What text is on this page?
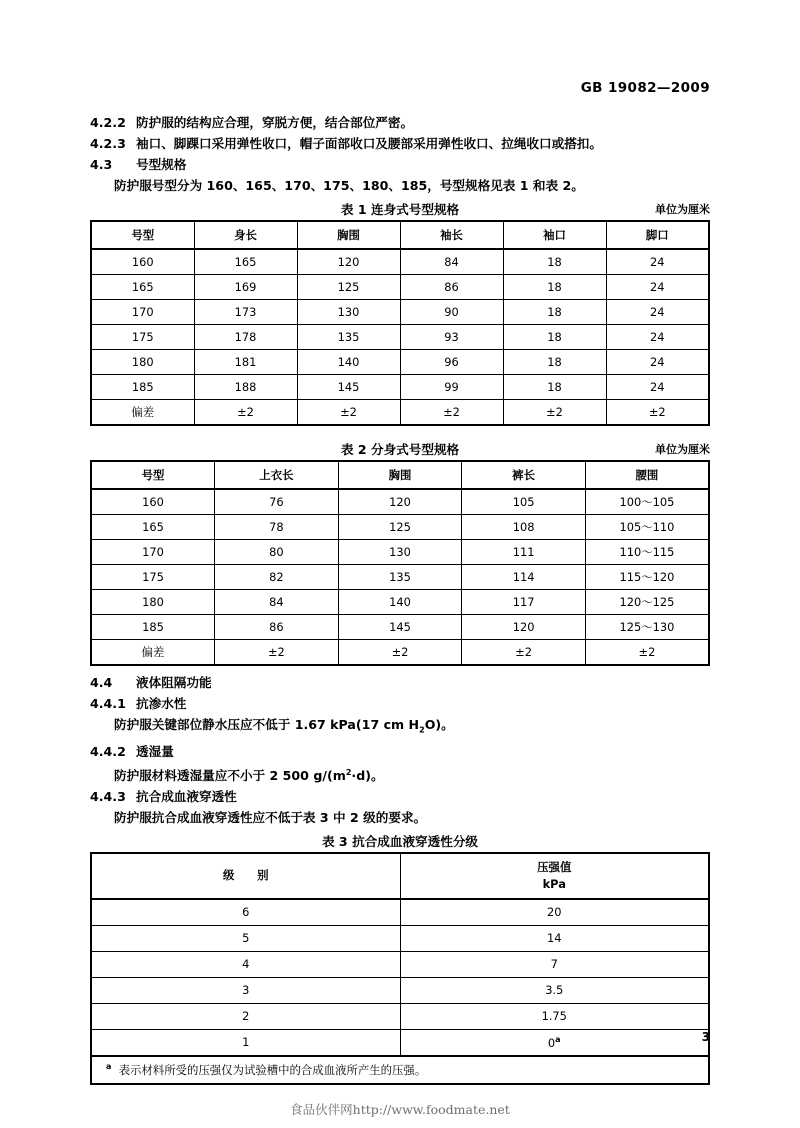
GB 19082—2009

4.2.2 防护服的结构应合理，穿脱方便，结合部位严密。

4.2.3 袖口、脚踝口采用弹性收口，帽子面部收口及腰部采用弹性收口、拉绳收口或搭扣。

4.3 号型规格

防护服号型分为 160、165、170、175、180、185，号型规格见表 1 和表 2。

表 1 连身式号型规格	单位为厘米
号型	身长	胸围	袖长	袖口	脚口
160	165	120	84	18	24
165	169	125	86	18	24
170	173	130	90	18	24
175	178	135	93	18	24
180	181	140	96	18	24
185	188	145	99	18	24
偏差	±2	±2	±2	±2	±2
表 2 分身式号型规格	单位为厘米
号型	上衣长	胸围	裤长	腰围
160	76	120	105	100～105
165	78	125	108	105～110
170	80	130	111	110～115
175	82	135	114	115～120
180	84	140	117	120～125
185	86	145	120	125～130
偏差	±2	±2	±2	±2

4.4 液体阻隔功能

4.4.1 抗渗水性

防护服关键部位静水压应不低于 1.67 kPa(17 cm $H_2O$)。

4.4.2 透湿量

防护服材料透湿量应不小于 2 500 $g/(m^2\cdot d)$。

4.4.3 抗合成血液穿透性

防护服抗合成血液穿透性应不低于表 3 中 2 级的要求。

表 3 抗合成血液穿透性分级
级　　别	压强值
kPa

6	20
5	14
4	7
3	3.5
2	1.75
1	0$^a$
$^a$ 表示材料所受的压强仅为试验槽中的合成血液所产生的压强。	
3
食品伙伴网http://www.foodmate.net
